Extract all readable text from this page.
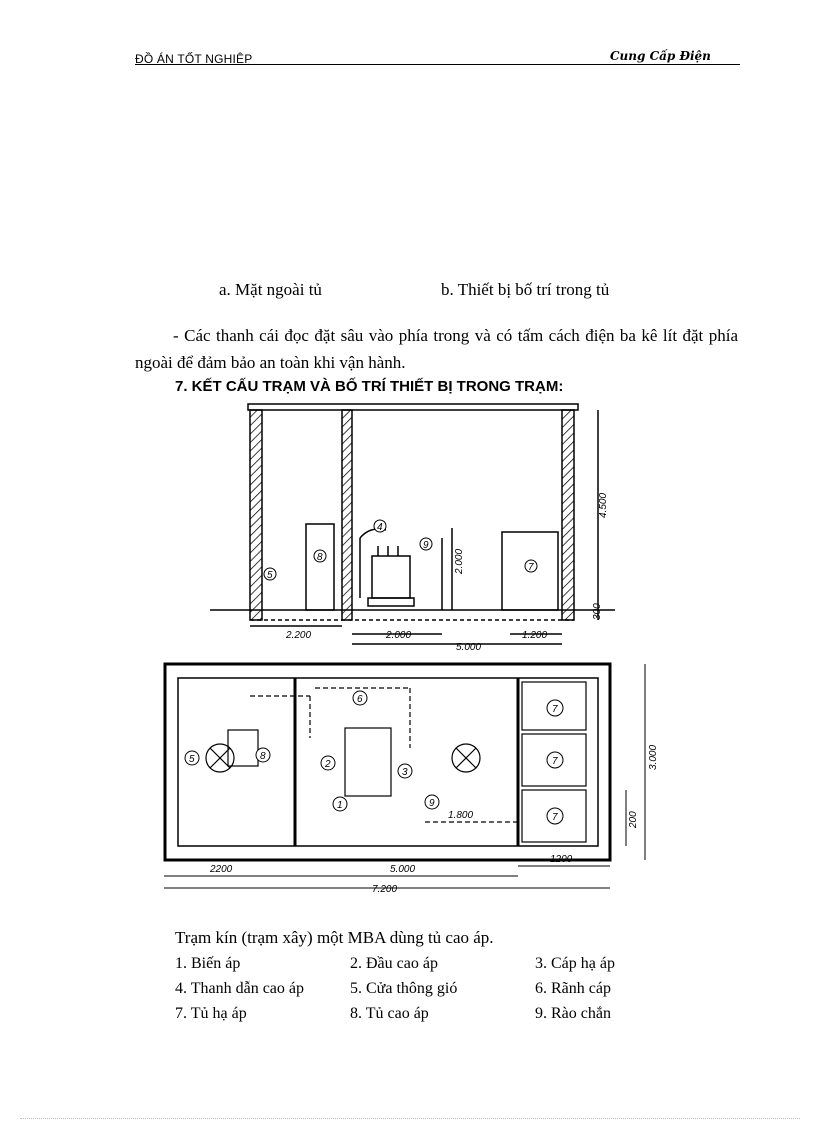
ĐỒ ÁN TỐT NGHIỆP	Cung Cấp Điện
a. Mặt ngoài tủ	b. Thiết bị bố trí trong tủ
- Các thanh cái đọc đặt sâu vào phía trong và có tấm cách điện ba kê lít đặt phía ngoài để đảm bảo an toàn khi vận hành.
7. KẾT CẤU TRẠM VÀ BỐ TRÍ THIẾT BỊ TRONG TRẠM:
5
8
4
9
7
2.200	2.000	1.200
5.000
4.500
2.000
300
5	8
1
2
3
9
6
7
7
7
2200	5.000
1200
7.200
1.800
3.000
200
Trạm kín (trạm xây) một MBA dùng tủ cao áp.
1. Biến áp	2. Đầu cao áp	3. Cáp hạ áp
4. Thanh dẫn cao áp	5. Cửa thông gió	6. Rãnh cáp
7. Tủ hạ áp	8. Tủ cao áp	9. Rào chắn
